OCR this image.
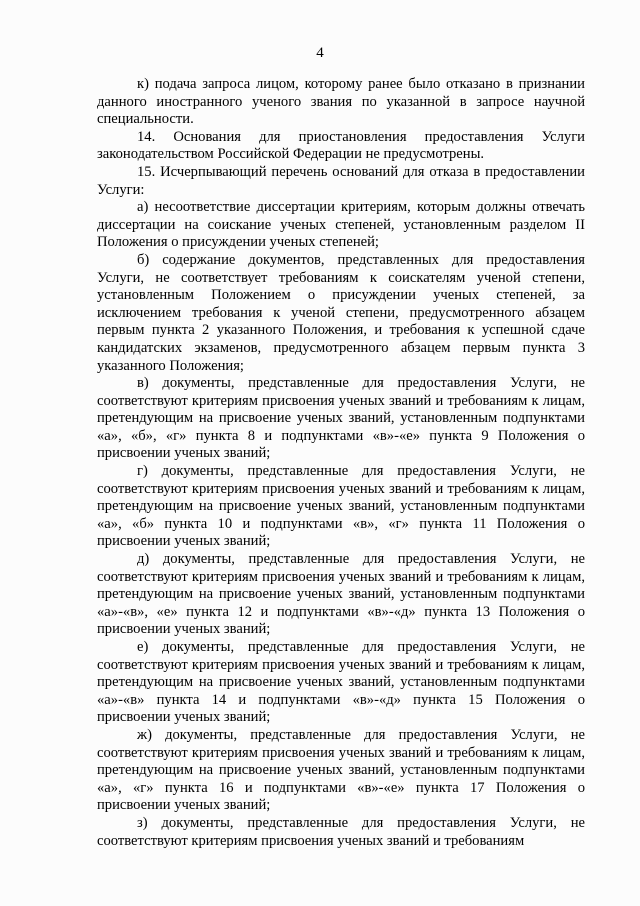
4

к) подача запроса лицом, которому ранее было отказано в признании данного иностранного ученого звания по указанной в запросе научной специальности.

14. Основания для приостановления предоставления Услуги законодательством Российской Федерации не предусмотрены.

15. Исчерпывающий перечень оснований для отказа в предоставлении Услуги:

а) несоответствие диссертации критериям, которым должны отвечать диссертации на соискание ученых степеней, установленным разделом II Положения о присуждении ученых степеней;

б) содержание документов, представленных для предоставления Услуги, не соответствует требованиям к соискателям ученой степени, установленным Положением о присуждении ученых степеней, за исключением требования к ученой степени, предусмотренного абзацем первым пункта 2 указанного Положения, и требования к успешной сдаче кандидатских экзаменов, предусмотренного абзацем первым пункта 3 указанного Положения;

в) документы, представленные для предоставления Услуги, не соответствуют критериям присвоения ученых званий и требованиям к лицам, претендующим на присвоение ученых званий, установленным подпунктами «а», «б», «г» пункта 8 и подпунктами «в»-«е» пункта 9 Положения о присвоении ученых званий;

г) документы, представленные для предоставления Услуги, не соответствуют критериям присвоения ученых званий и требованиям к лицам, претендующим на присвоение ученых званий, установленным подпунктами «а», «б» пункта 10 и подпунктами «в», «г» пункта 11 Положения о присвоении ученых званий;

д) документы, представленные для предоставления Услуги, не соответствуют критериям присвоения ученых званий и требованиям к лицам, претендующим на присвоение ученых званий, установленным подпунктами «а»-«в», «е» пункта 12 и подпунктами «в»-«д» пункта 13 Положения о присвоении ученых званий;

е) документы, представленные для предоставления Услуги, не соответствуют критериям присвоения ученых званий и требованиям к лицам, претендующим на присвоение ученых званий, установленным подпунктами «а»-«в» пункта 14 и подпунктами «в»-«д» пункта 15 Положения о присвоении ученых званий;

ж) документы, представленные для предоставления Услуги, не соответствуют критериям присвоения ученых званий и требованиям к лицам, претендующим на присвоение ученых званий, установленным подпунктами «а», «г» пункта 16 и подпунктами «в»-«е» пункта 17 Положения о присвоении ученых званий;

з) документы, представленные для предоставления Услуги, не соответствуют критериям присвоения ученых званий и требованиям
